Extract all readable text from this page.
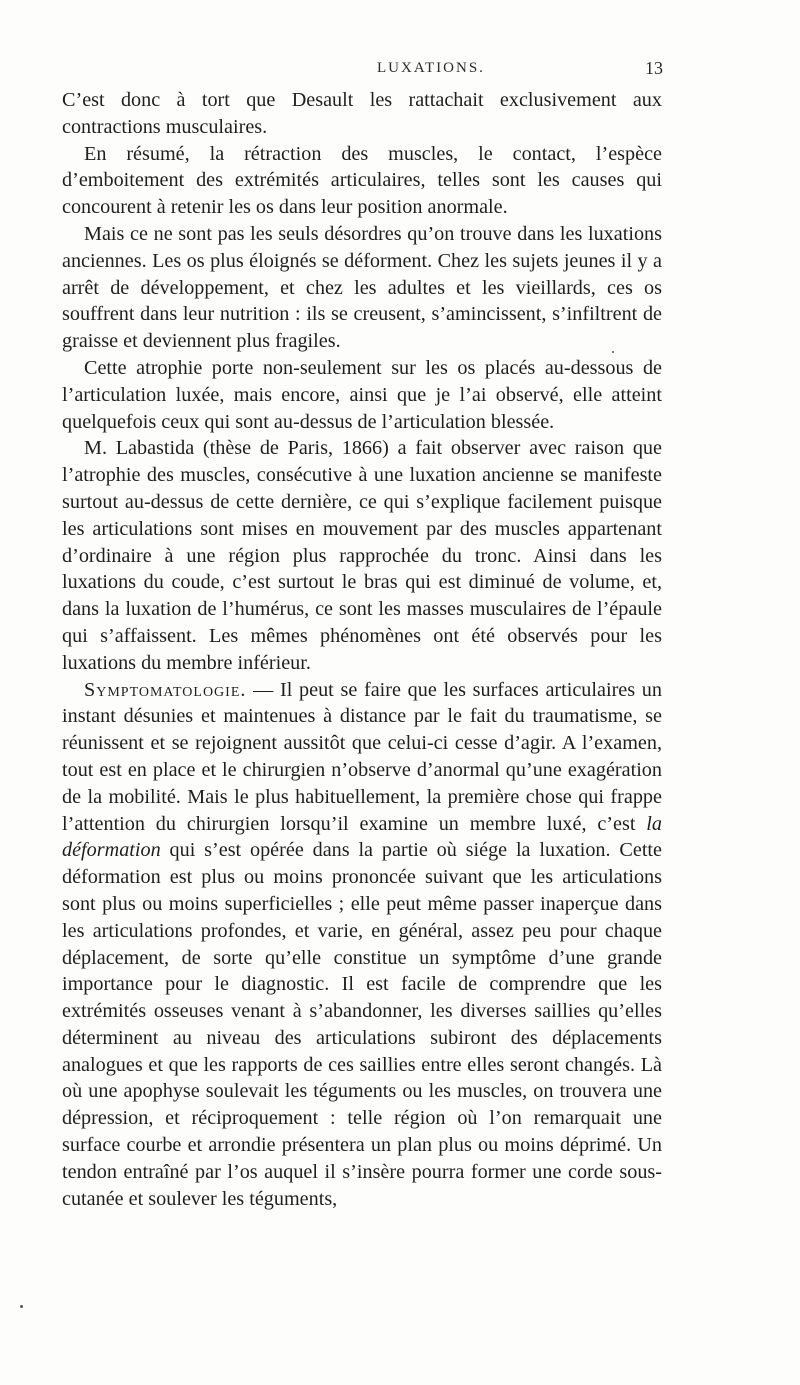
LUXATIONS.	13

C’est donc à tort que Desault les rattachait exclusivement aux contractions musculaires.

En résumé, la rétraction des muscles, le contact, l’espèce d’emboitement des extrémités articulaires, telles sont les causes qui concourent à retenir les os dans leur position anormale.

Mais ce ne sont pas les seuls désordres qu’on trouve dans les luxations anciennes. Les os plus éloignés se déforment. Chez les sujets jeunes il y a arrêt de développement, et chez les adultes et les vieillards, ces os souffrent dans leur nutrition : ils se creusent, s’amincissent, s’infiltrent de graisse et deviennent plus fragiles.

Cette atrophie porte non-seulement sur les os placés au-dessous de l’articulation luxée, mais encore, ainsi que je l’ai observé, elle atteint quelquefois ceux qui sont au-dessus de l’articulation blessée.

M. Labastida (thèse de Paris, 1866) a fait observer avec raison que l’atrophie des muscles, consécutive à une luxation ancienne se manifeste surtout au-dessus de cette dernière, ce qui s’explique facilement puisque les articulations sont mises en mouvement par des muscles appartenant d’ordinaire à une région plus rapprochée du tronc. Ainsi dans les luxations du coude, c’est surtout le bras qui est diminué de volume, et, dans la luxation de l’humérus, ce sont les masses musculaires de l’épaule qui s’affaissent. Les mêmes phénomènes ont été observés pour les luxations du membre inférieur.

Symptomatologie. — Il peut se faire que les surfaces articulaires un instant désunies et maintenues à distance par le fait du traumatisme, se réunissent et se rejoignent aussitôt que celui-ci cesse d’agir. A l’examen, tout est en place et le chirurgien n’observe d’anormal qu’une exagération de la mobilité. Mais le plus habituellement, la première chose qui frappe l’attention du chirurgien lorsqu’il examine un membre luxé, c’est la déformation qui s’est opérée dans la partie où siége la luxation. Cette déformation est plus ou moins prononcée suivant que les articulations sont plus ou moins superficielles ; elle peut même passer inaperçue dans les articulations profondes, et varie, en général, assez peu pour chaque déplacement, de sorte qu’elle constitue un symptôme d’une grande importance pour le diagnostic. Il est facile de comprendre que les extrémités osseuses venant à s’abandonner, les diverses saillies qu’elles déterminent au niveau des articulations subiront des déplacements analogues et que les rapports de ces saillies entre elles seront changés. Là où une apophyse soulevait les téguments ou les muscles, on trouvera une dépression, et réciproquement : telle région où l’on remarquait une surface courbe et arrondie présentera un plan plus ou moins déprimé. Un tendon entraîné par l’os auquel il s’insère pourra former une corde sous-cutanée et soulever les téguments,
